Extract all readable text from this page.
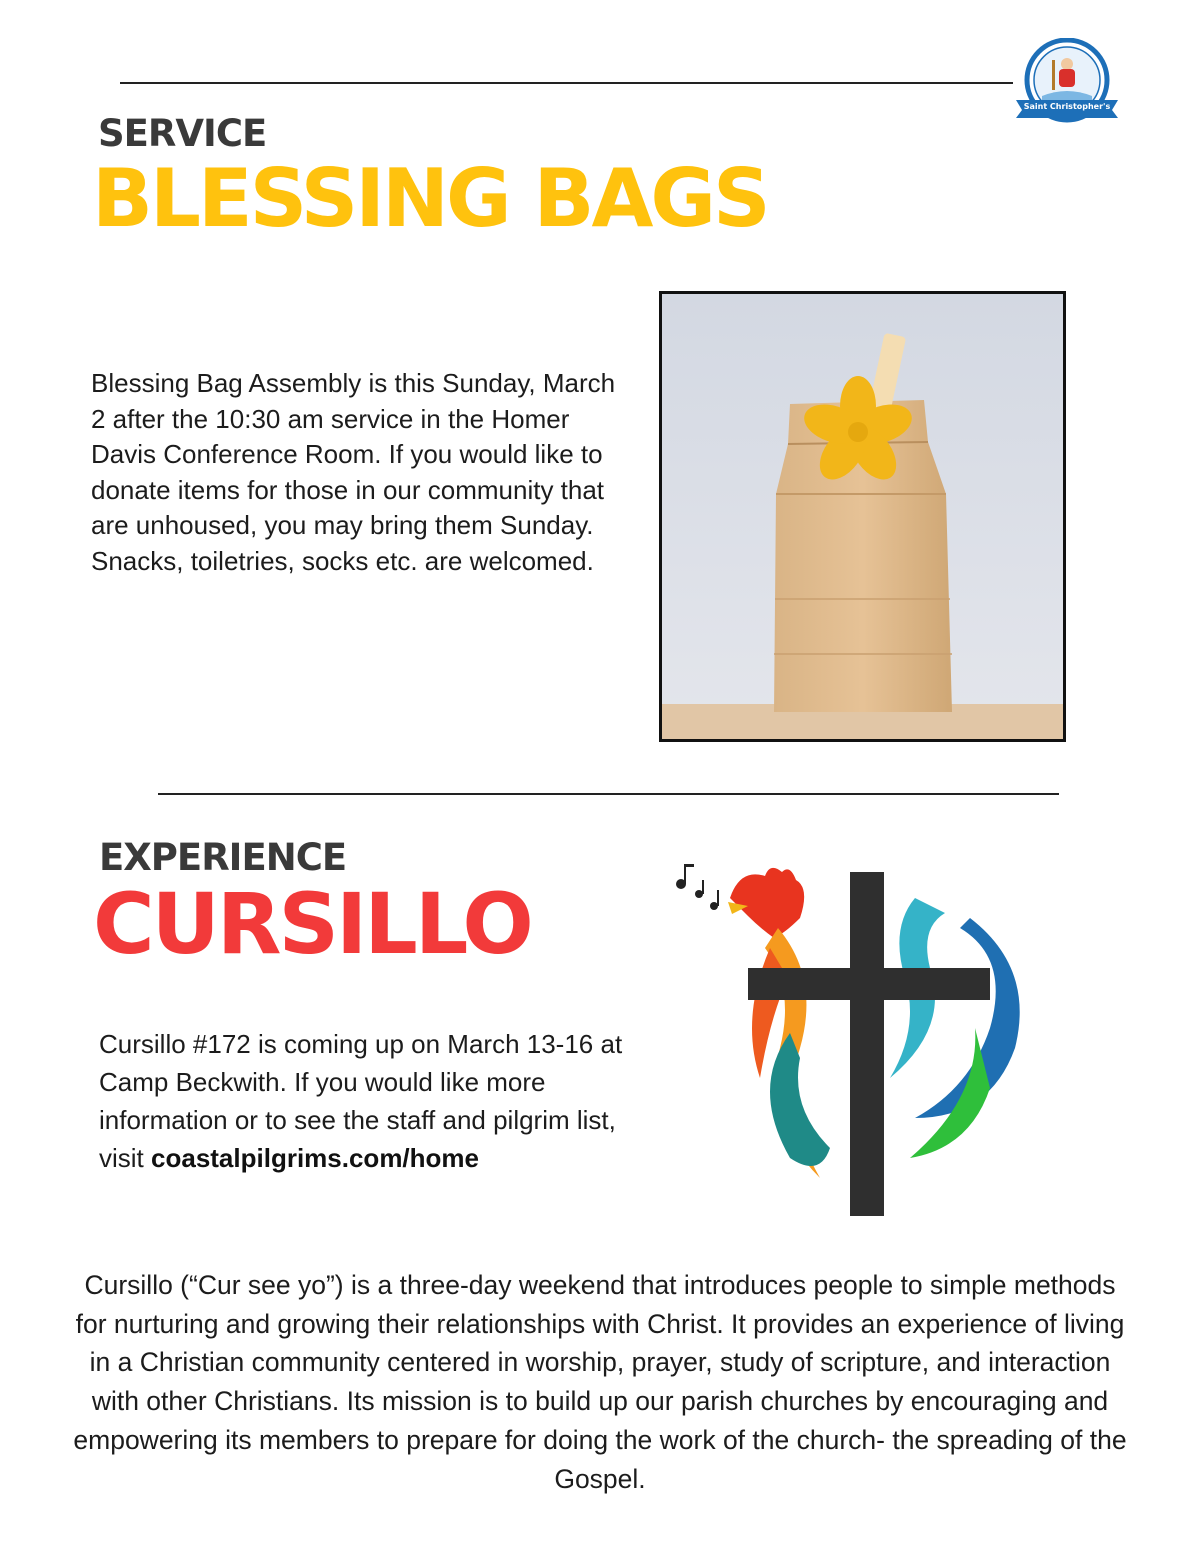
Saint Christopher's
SERVICE
BLESSING BAGS
Blessing Bag Assembly is this Sunday, March 2 after the 10:30 am service in the Homer Davis Conference Room. If you would like to donate items for those in our community that are unhoused, you may bring them Sunday. Snacks, toiletries, socks etc. are welcomed.
EXPERIENCE
CURSILLO
Cursillo #172 is coming up on March 13-16 at Camp Beckwith. If you would like more information or to see the staff and pilgrim list, visit coastalpilgrims.com/home
Cursillo (“Cur see yo”) is a three-day weekend that introduces people to simple methods for nurturing and growing their relationships with Christ. It provides an experience of living in a Christian community centered in worship, prayer, study of scripture, and interaction with other Christians. Its mission is to build up our parish churches by encouraging and empowering its members to prepare for doing the work of the church- the spreading of the Gospel.
